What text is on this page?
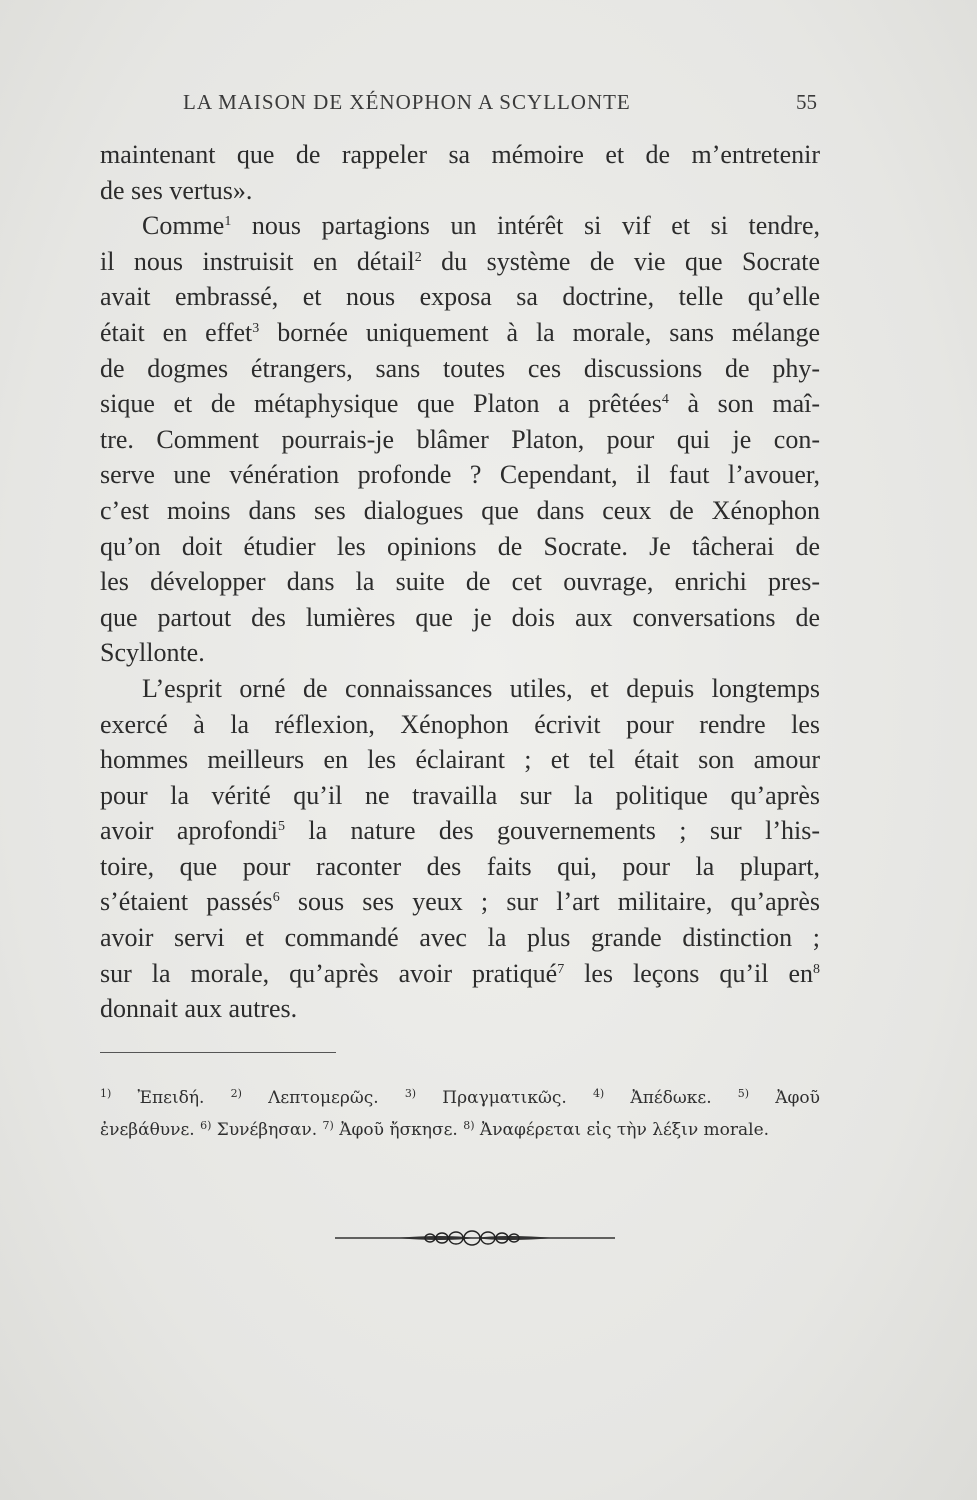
LA MAISON DE XÉNOPHON A SCYLLONTE	55
maintenant que de rappeler sa mémoire et de m’entretenir
de ses vertus».
Comme$^1$ nous partagions un intérêt si vif et si tendre,
il nous instruisit en détail$^2$ du système de vie que Socrate
avait embrassé, et nous exposa sa doctrine, telle qu’elle
était en effet$^3$ bornée uniquement à la morale, sans mélange
de dogmes étrangers, sans toutes ces discussions de phy-
sique et de métaphysique que Platon a prêtées$^4$ à son maî-
tre. Comment pourrais-je blâmer Platon, pour qui je con-
serve une vénération profonde ? Cependant, il faut l’avouer,
c’est moins dans ses dialogues que dans ceux de Xénophon
qu’on doit étudier les opinions de Socrate. Je tâcherai de
les développer dans la suite de cet ouvrage, enrichi pres-
que partout des lumières que je dois aux conversations de
Scyllonte.
L’esprit orné de connaissances utiles, et depuis longtemps
exercé à la réflexion, Xénophon écrivit pour rendre les
hommes meilleurs en les éclairant ; et tel était son amour
pour la vérité qu’il ne travailla sur la politique qu’après
avoir aprofondi$^5$ la nature des gouvernements ; sur l’his-
toire, que pour raconter des faits qui, pour la plupart,
s’étaient passés$^6$ sous ses yeux ; sur l’art militaire, qu’après
avoir servi et commandé avec la plus grande distinction ;
sur la morale, qu’après avoir pratiqué$^7$ les leçons qu’il $en^8$
donnait aux autres.
$^{1)}$ Ἐπειδή. $^{2)}$ Λεπτομερῶς. $^{3)}$ Πραγματικῶς. $^{4)}$ Ἀπέδωκε. $^{5)}$ Ἀφοῦ
ἐνεβάθυνε. $^{6)}$ Συνέβησαν. $^{7)}$ Ἀφοῦ ἤσκησε. $^{8)}$ Ἀναφέρεται εἰς τὴν λέξιν morale.
